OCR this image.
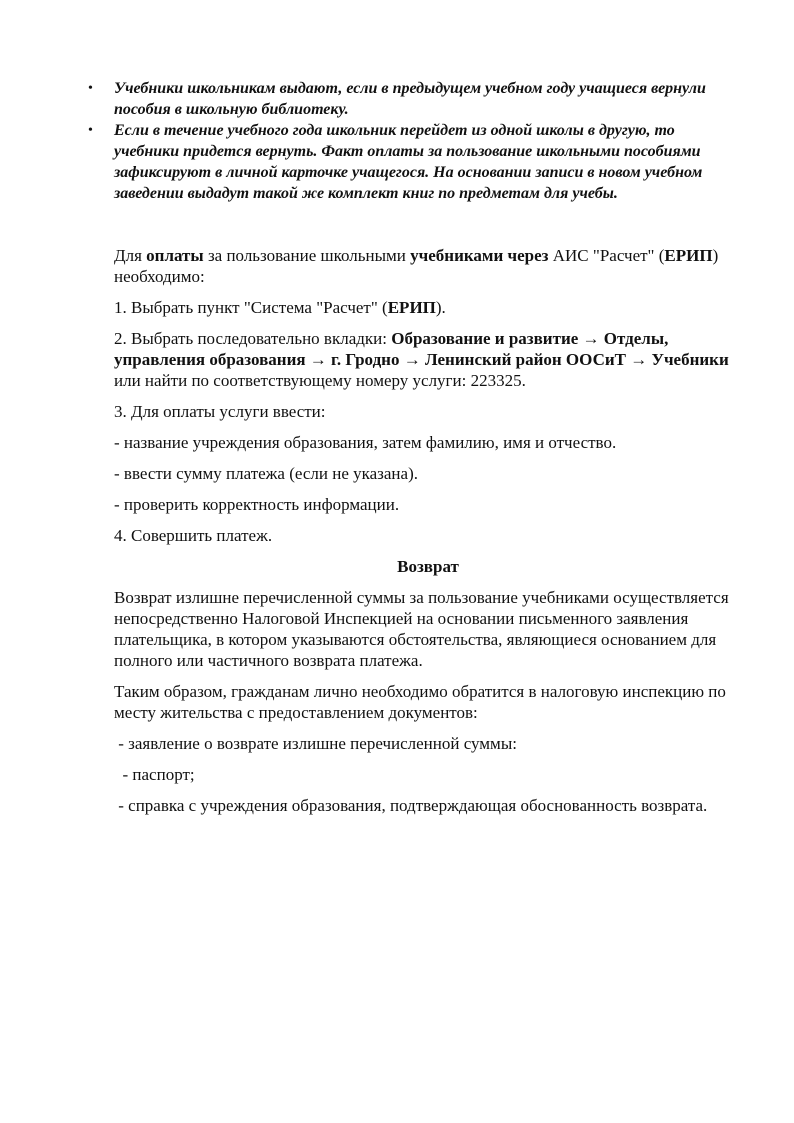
• Учебники школьникам выдают, если в предыдущем учебном году учащиеся вернули пособия в школьную библиотеку.
• Если в течение учебного года школьник перейдет из одной школы в другую, то учебники придется вернуть. Факт оплаты за пользование школьными пособиями зафиксируют в личной карточке учащегося. На основании записи в новом учебном заведении выдадут такой же комплект книг по предметам для учебы.

Для оплаты за пользование школьными учебниками через АИС "Расчет" (ЕРИП) необходимо:

1. Выбрать пункт "Система "Расчет" (ЕРИП).

2. Выбрать последовательно вкладки: Образование и развитие → Отделы, управления образования → г. Гродно → Ленинский район ООСиТ → Учебники   или найти по соответствующему номеру услуги: 223325.

3. Для оплаты услуги ввести:

- название учреждения образования, затем фамилию, имя и отчество.

- ввести сумму платежа (если не указана).

- проверить корректность информации.

4. Совершить платеж.

Возврат

Возврат излишне перечисленной суммы за пользование учебниками осуществляется непосредственно Налоговой Инспекцией на основании письменного заявления плательщика, в котором указываются обстоятельства, являющиеся основанием для полного или частичного возврата платежа.

Таким образом, гражданам лично необходимо обратится в налоговую инспекцию по месту жительства с предоставлением документов:

- заявление о возврате излишне перечисленной суммы:

- паспорт;

- справка с учреждения образования, подтверждающая обоснованность возврата.
